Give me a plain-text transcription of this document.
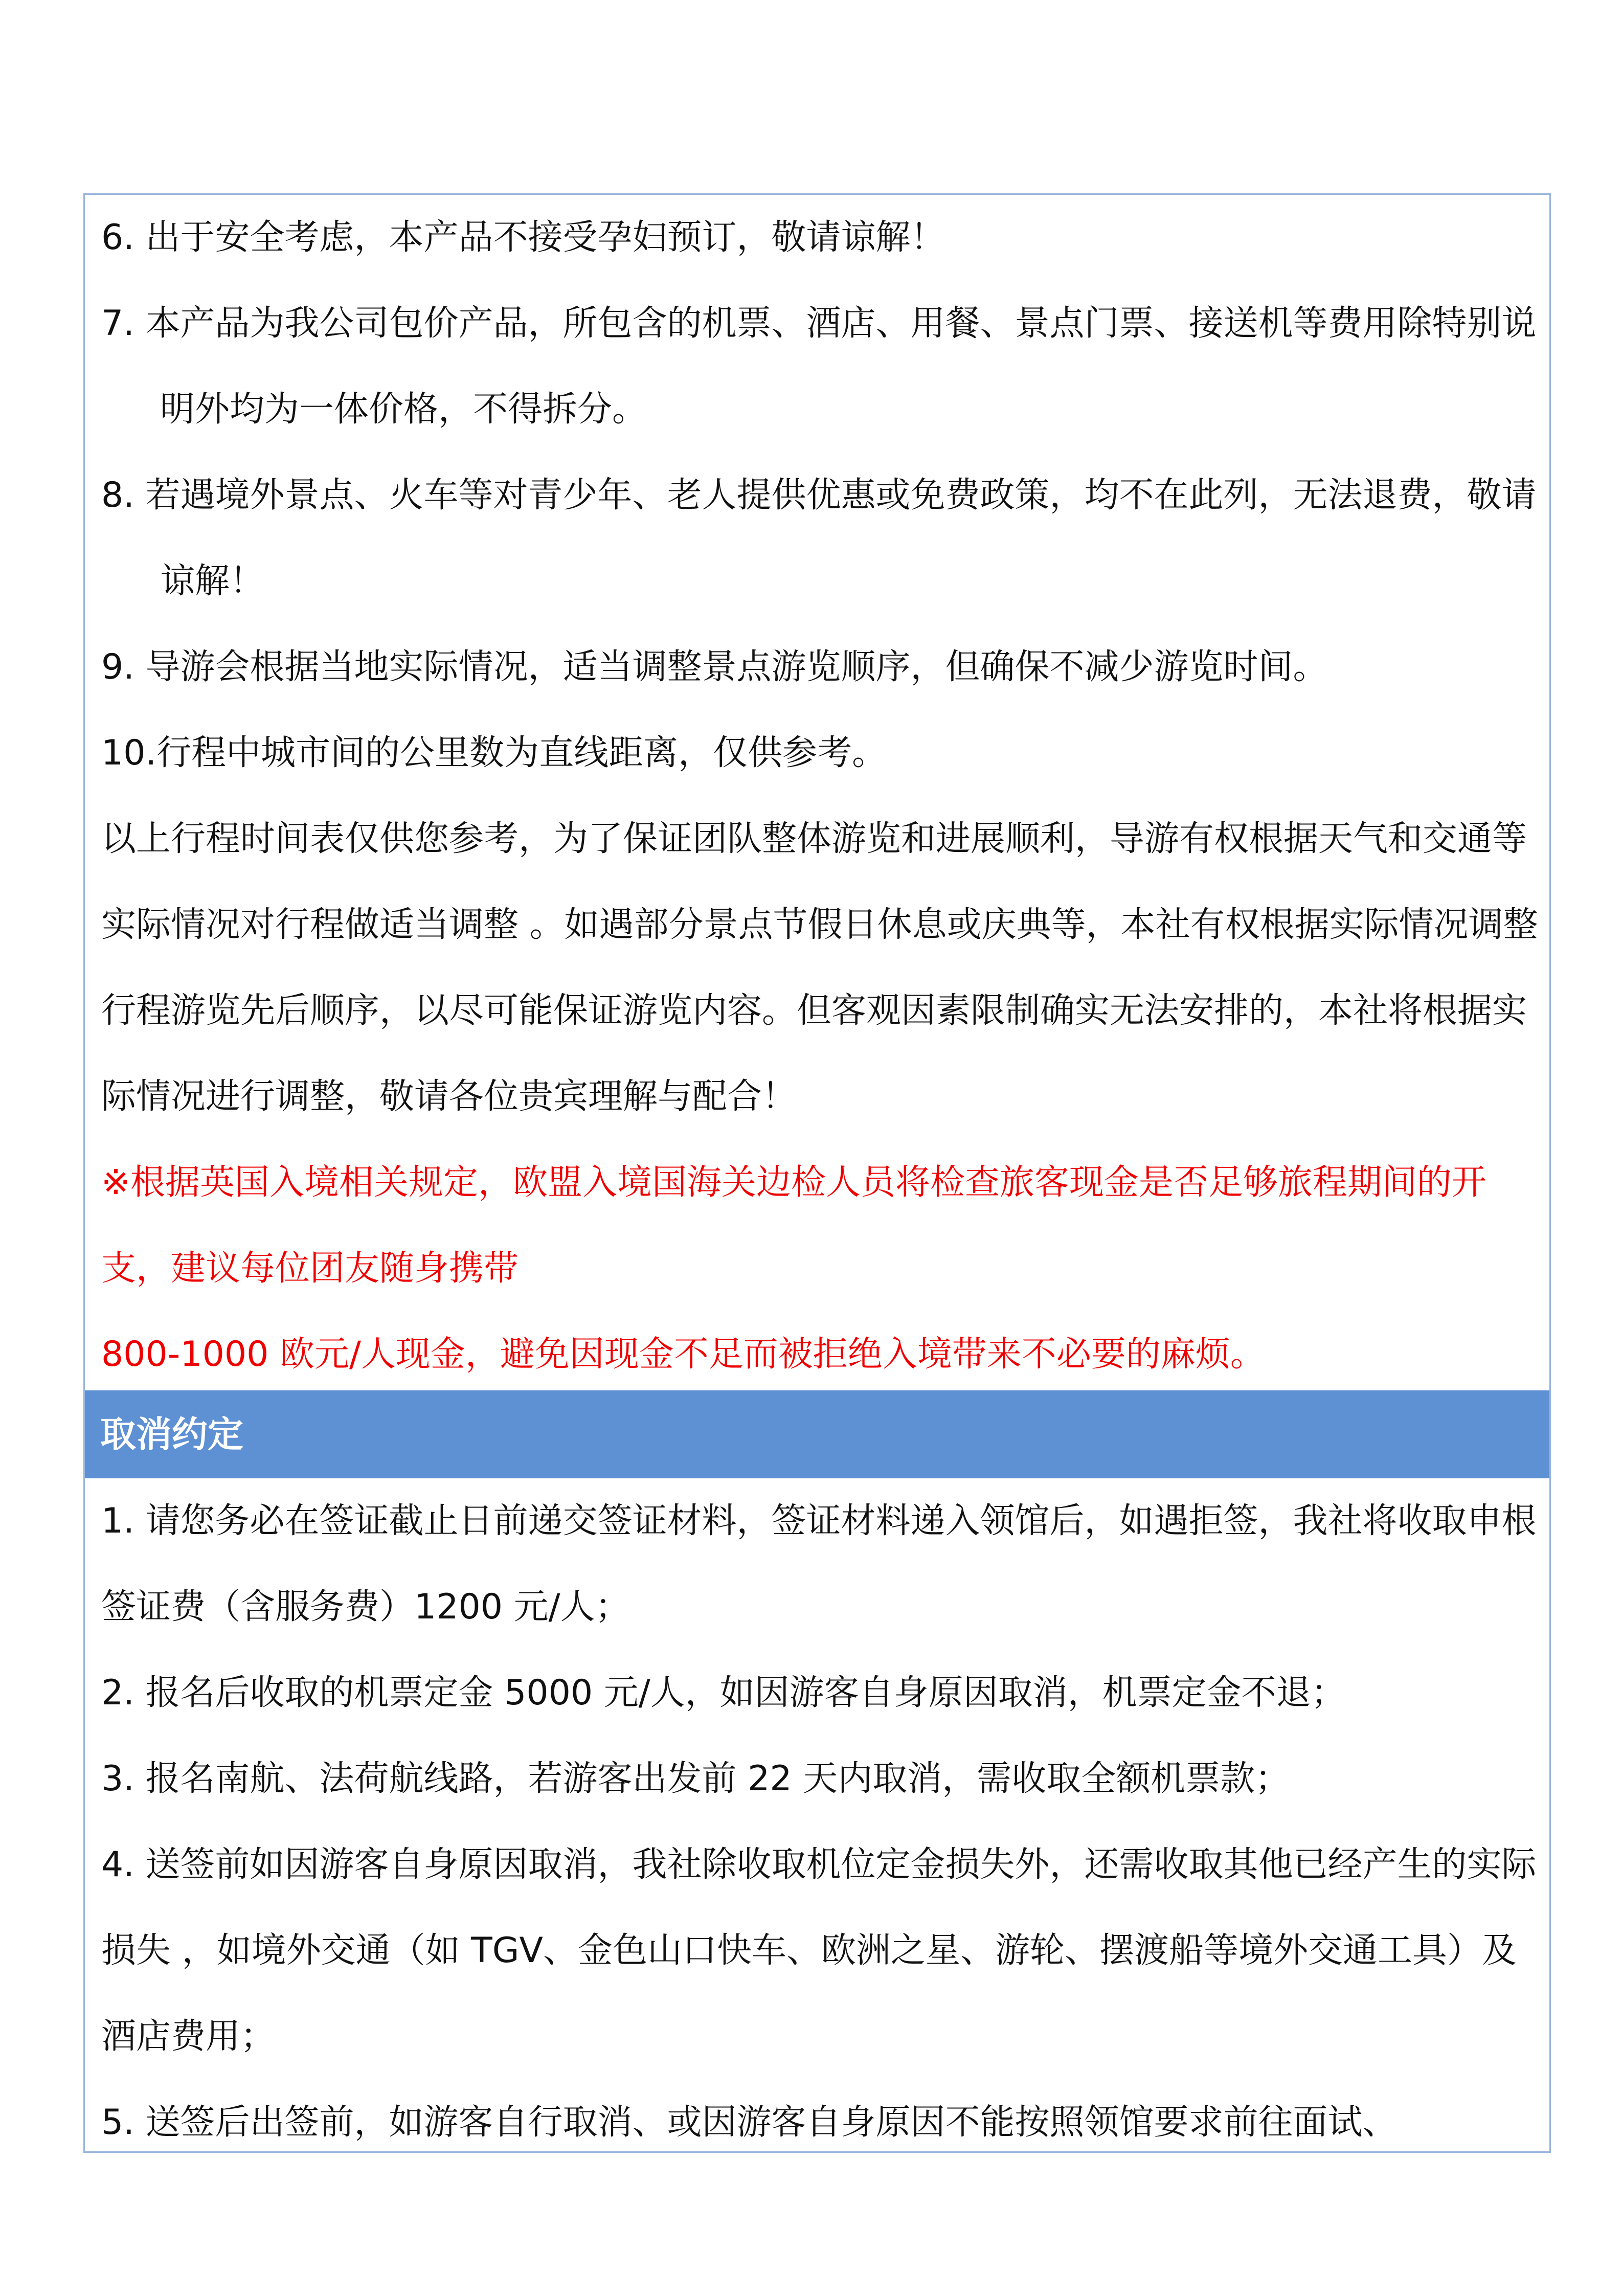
6. 出于安全考虑，本产品不接受孕妇预订，敬请谅解！
7. 本产品为我公司包价产品，所包含的机票、酒店、用餐、景点门票、接送机等费用除特别说明外均为一体价格，不得拆分。
8. 若遇境外景点、火车等对青少年、老人提供优惠或免费政策，均不在此列，无法退费，敬请谅解！
9. 导游会根据当地实际情况，适当调整景点游览顺序，但确保不减少游览时间。
10.行程中城市间的公里数为直线距离，仅供参考。
以上行程时间表仅供您参考，为了保证团队整体游览和进展顺利，导游有权根据天气和交通等实际情况对行程做适当调整 。如遇部分景点节假日休息或庆典等，本社有权根据实际情况调整行程游览先后顺序，以尽可能保证游览内容。但客观因素限制确实无法安排的，本社将根据实际情况进行调整，敬请各位贵宾理解与配合！
※根据英国入境相关规定，欧盟入境国海关边检人员将检查旅客现金是否足够旅程期间的开支，建议每位团友随身携带
800-1000 欧元/人现金，避免因现金不足而被拒绝入境带来不必要的麻烦。
取消约定
1. 请您务必在签证截止日前递交签证材料，签证材料递入领馆后，如遇拒签，我社将收取申根签证费（含服务费）1200 元/人；
2. 报名后收取的机票定金 5000 元/人，如因游客自身原因取消，机票定金不退；
3. 报名南航、法荷航线路，若游客出发前 22 天内取消，需收取全额机票款；
4. 送签前如因游客自身原因取消，我社除收取机位定金损失外，还需收取其他已经产生的实际损失 ，如境外交通（如 TGV、金色山口快车、欧洲之星、游轮、摆渡船等境外交通工具）及酒店费用；
5. 送签后出签前，如游客自行取消、或因游客自身原因不能按照领馆要求前往面试、
